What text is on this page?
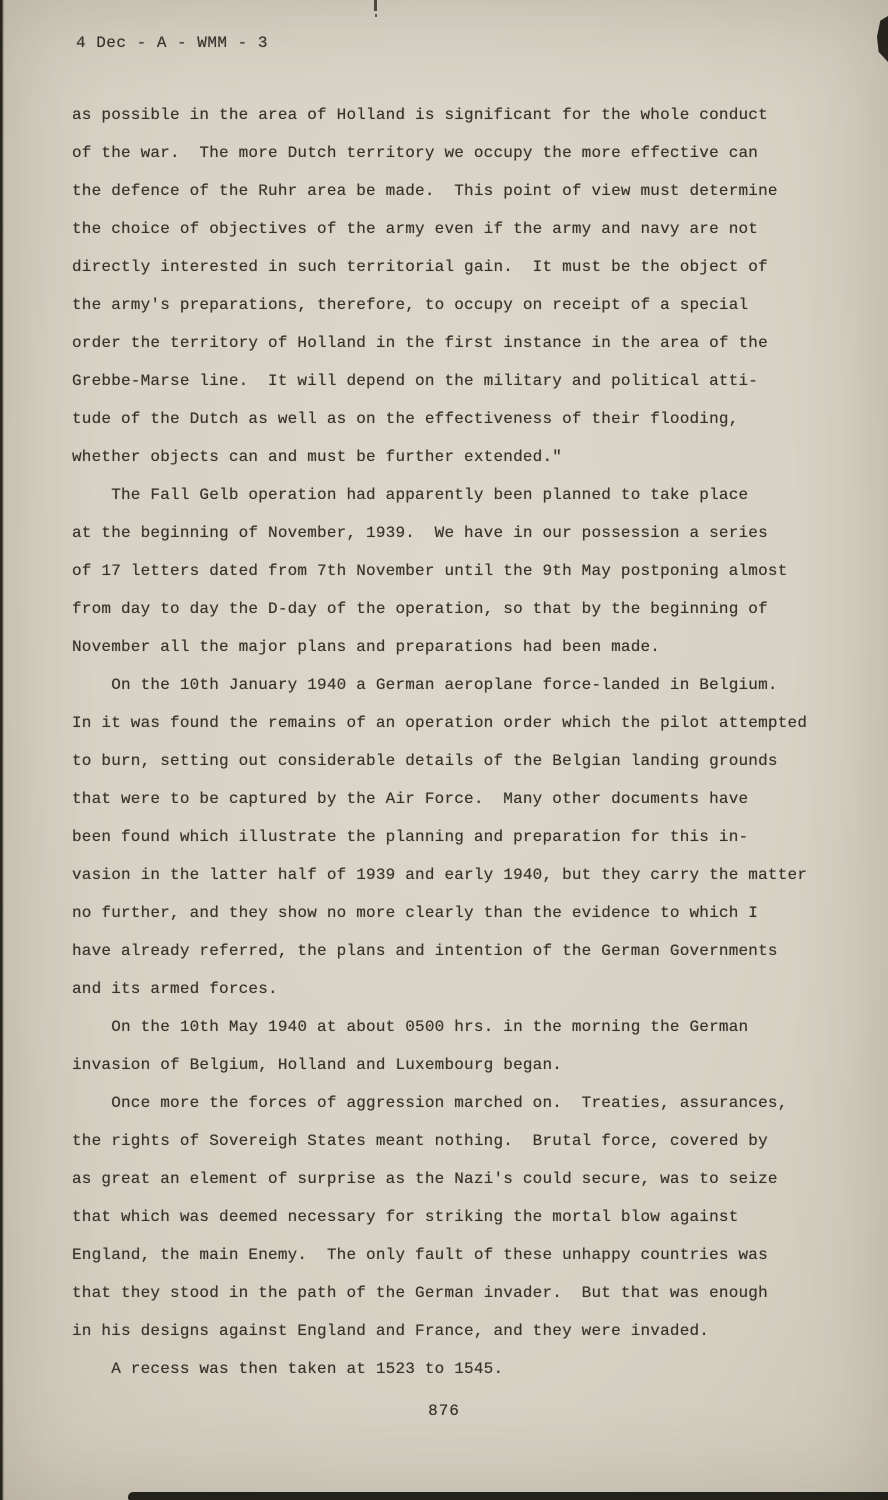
4 Dec - A - WMM - 3
as possible in the area of Holland is significant for the whole conduct
of the war.  The more Dutch territory we occupy the more effective can
the defence of the Ruhr area be made.  This point of view must determine
the choice of objectives of the army even if the army and navy are not
directly interested in such territorial gain.  It must be the object of
the army's preparations, therefore, to occupy on receipt of a special
order the territory of Holland in the first instance in the area of the
Grebbe-Marse line.  It will depend on the military and political atti-
tude of the Dutch as well as on the effectiveness of their flooding,
whether objects can and must be further extended."
The Fall Gelb operation had apparently been planned to take place
at the beginning of November, 1939.  We have in our possession a series
of 17 letters dated from 7th November until the 9th May postponing almost
from day to day the D-day of the operation, so that by the beginning of
November all the major plans and preparations had been made.
On the 10th January 1940 a German aeroplane force-landed in Belgium.
In it was found the remains of an operation order which the pilot attempted
to burn, setting out considerable details of the Belgian landing grounds
that were to be captured by the Air Force.  Many other documents have
been found which illustrate the planning and preparation for this in-
vasion in the latter half of 1939 and early 1940, but they carry the matter
no further, and they show no more clearly than the evidence to which I
have already referred, the plans and intention of the German Governments
and its armed forces.
On the 10th May 1940 at about 0500 hrs. in the morning the German
invasion of Belgium, Holland and Luxembourg began.
Once more the forces of aggression marched on.  Treaties, assurances,
the rights of Sovereigh States meant nothing.  Brutal force, covered by
as great an element of surprise as the Nazi's could secure, was to seize
that which was deemed necessary for striking the mortal blow against
England, the main Enemy.  The only fault of these unhappy countries was
that they stood in the path of the German invader.  But that was enough
in his designs against England and France, and they were invaded.
A recess was then taken at 1523 to 1545.
876
